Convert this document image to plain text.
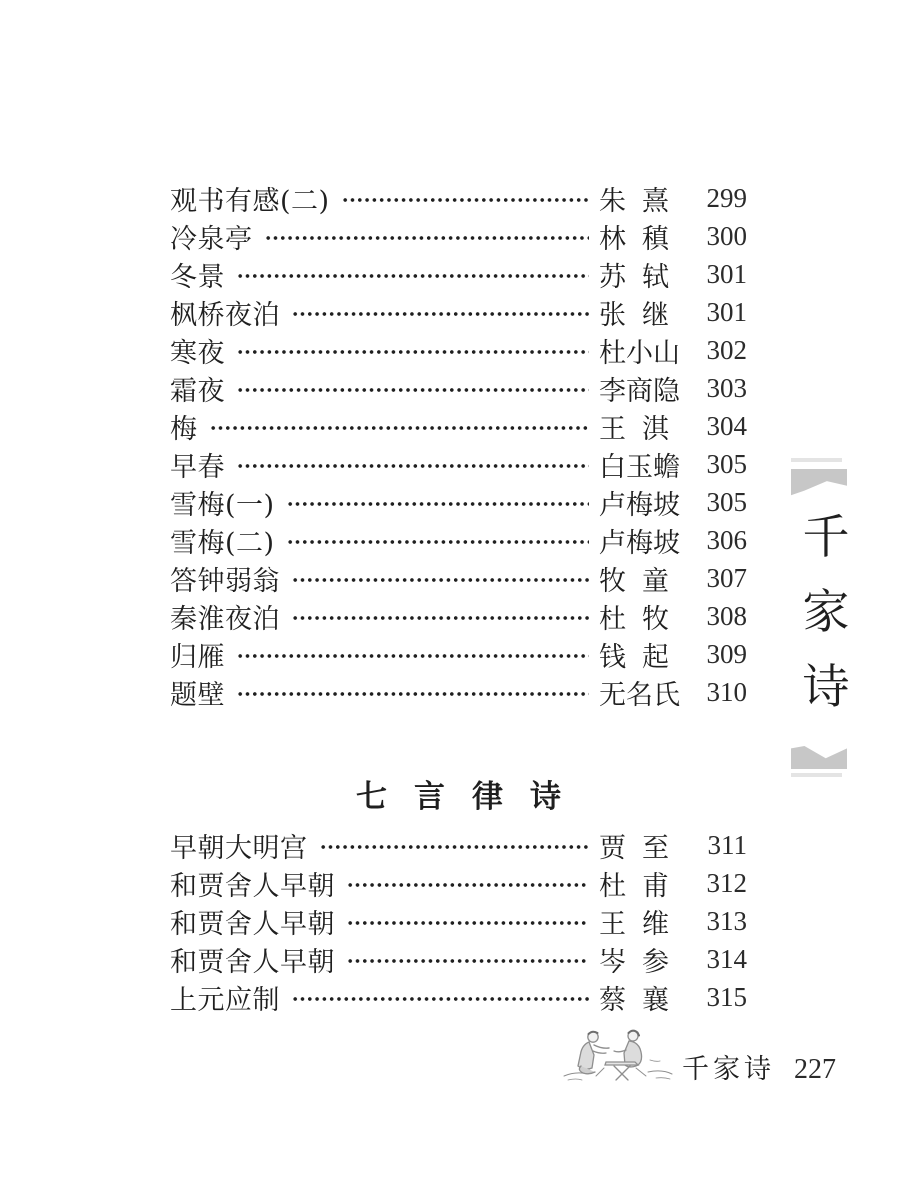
观书有感(二)	朱 熹	299
冷泉亭	林 稹	300
冬景	苏 轼	301
枫桥夜泊	张 继	301
寒夜	杜 小 山 302
霜夜	李 商 隐 303
梅	王 淇	304
早春	白 玉 蟾 305
雪梅(一)	卢 梅 坡 305
雪梅(二)	卢 梅 坡 306
答钟弱翁	牧 童	307
秦淮夜泊	杜 牧	308
归雁	钱 起	309
题壁	无 名 氏 310
七言律诗
早朝大明宫	贾 至	311
和贾舍人早朝	杜 甫	312
和贾舍人早朝	王 维	313
和贾舍人早朝	岑 参	314
上元应制	蔡 襄	315
千
家
诗
千家诗 227
